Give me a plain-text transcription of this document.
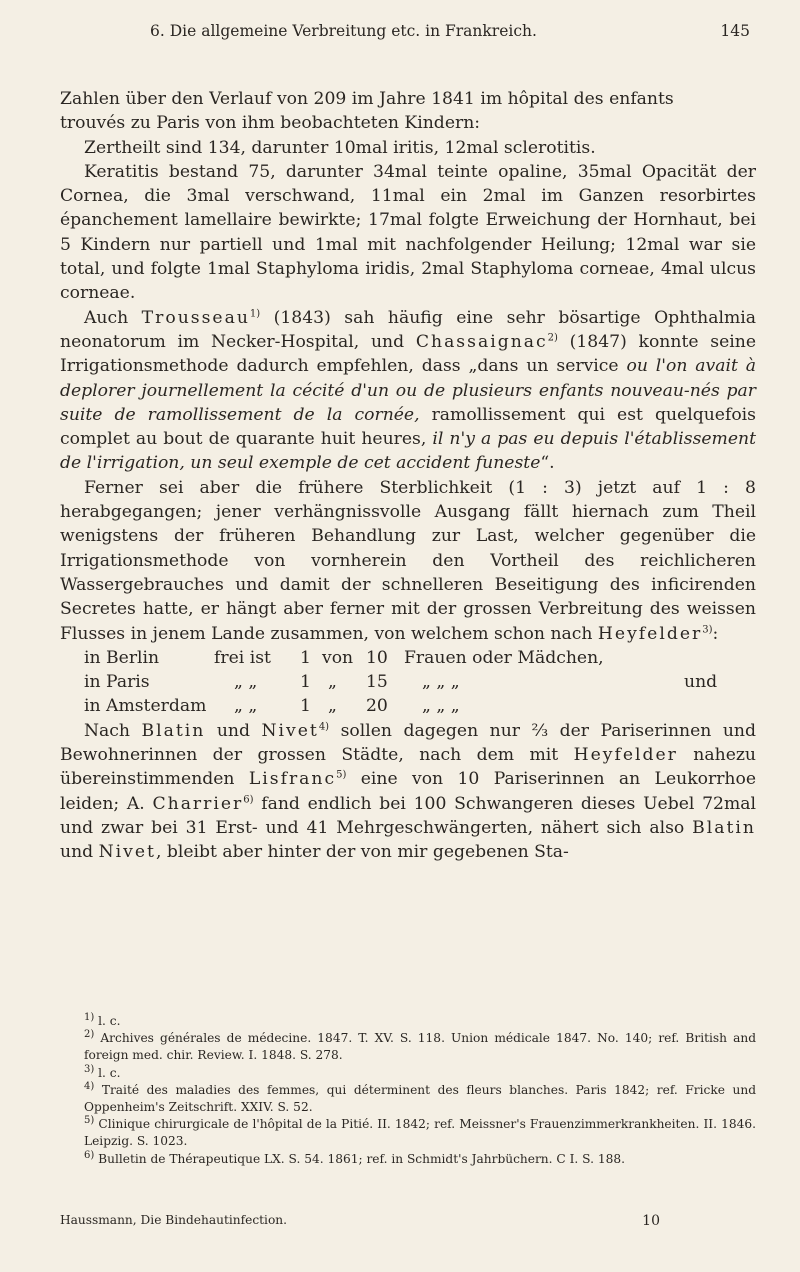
6. Die allgemeine Verbreitung etc. in Frankreich.	145

Zahlen über den Verlauf von 209 im Jahre 1841 im hôpital des enfants
trouvés zu Paris von ihm beobachteten Kindern:

Zertheilt sind 134, darunter 10mal iritis, 12mal sclerotitis.

Keratitis bestand 75, darunter 34mal teinte opaline, 35mal Opacität der Cornea, die 3mal verschwand, 11mal ein 2mal im Ganzen resorbirtes épanchement lamellaire bewirkte; 17mal folgte Erweichung der Hornhaut, bei 5 Kindern nur partiell und 1mal mit nachfolgender Heilung; 12mal war sie total, und folgte 1mal Staphyloma iridis, 2mal Staphyloma corneae, 4mal ulcus corneae.

Auch Trousseau$^{1)}$ (1843) sah häufig eine sehr bösartige Ophthalmia neonatorum im Necker-Hospital, und Chassaignac$^{2)}$ (1847) konnte seine Irrigationsmethode dadurch empfehlen, dass „dans un service ou l'on avait à deplorer journellement la cécité d'un ou de plusieurs enfants nouveau-nés par suite de ramollissement de la cornée, ramollissement qui est quelquefois complet au bout de quarante huit heures, il n'y a pas eu depuis l'établissement de l'irrigation, un seul exemple de cet accident funeste“.

Ferner sei aber die frühere Sterblichkeit (1 : 3) jetzt auf 1 : 8 herabgegangen; jener verhängnissvolle Ausgang fällt hiernach zum Theil wenigstens der früheren Behandlung zur Last, welcher gegenüber die Irrigationsmethode von vornherein den Vortheil des reichlicheren Wassergebrauches und damit der schnelleren Beseitigung des inficirenden Secretes hatte, er hängt aber ferner mit der grossen Verbreitung des weissen Flusses in jenem Lande zusammen, von welchem schon nach Heyfelder$^{3)}$:

in Berlin	frei ist 1 von 10 Frauen oder Mädchen,
in Paris	„ „ 1 „ 15 „ „ „	und
in Amsterdam „ „ 1 „ 20 „ „ „

Nach Blatin und Nivet$^{4)}$ sollen dagegen nur ⅔ der Pariserinnen und Bewohnerinnen der grossen Städte, nach dem mit Heyfelder nahezu übereinstimmenden Lisfranc$^{5)}$ eine von 10 Pariserinnen an Leukorrhoe leiden; A. Charrier$^{6)}$ fand endlich bei 100 Schwangeren dieses Uebel 72mal und zwar bei 31 Erst- und 41 Mehrgeschwängerten, nähert sich also Blatin und Nivet, bleibt aber hinter der von mir gegebenen Sta-

$^{1)}$ l. c.

$^{2)}$ Archives générales de médecine. 1847. T. XV. S. 118. Union médicale 1847. No. 140; ref. British and foreign med. chir. Review. I. 1848. S. 278.

$^{3)}$ l. c.

$^{4)}$ Traité des maladies des femmes, qui déterminent des fleurs blanches. Paris 1842; ref. Fricke und Oppenheim's Zeitschrift. XXIV. S. 52.

$^{5)}$ Clinique chirurgicale de l'hôpital de la Pitié. II. 1842; ref. Meissner's Frauenzimmerkrankheiten. II. 1846. Leipzig. S. 1023.

$^{6)}$ Bulletin de Thérapeutique LX. S. 54. 1861; ref. in Schmidt's Jahrbüchern. C I. S. 188.

Haussmann, Die Bindehautinfection.	10
